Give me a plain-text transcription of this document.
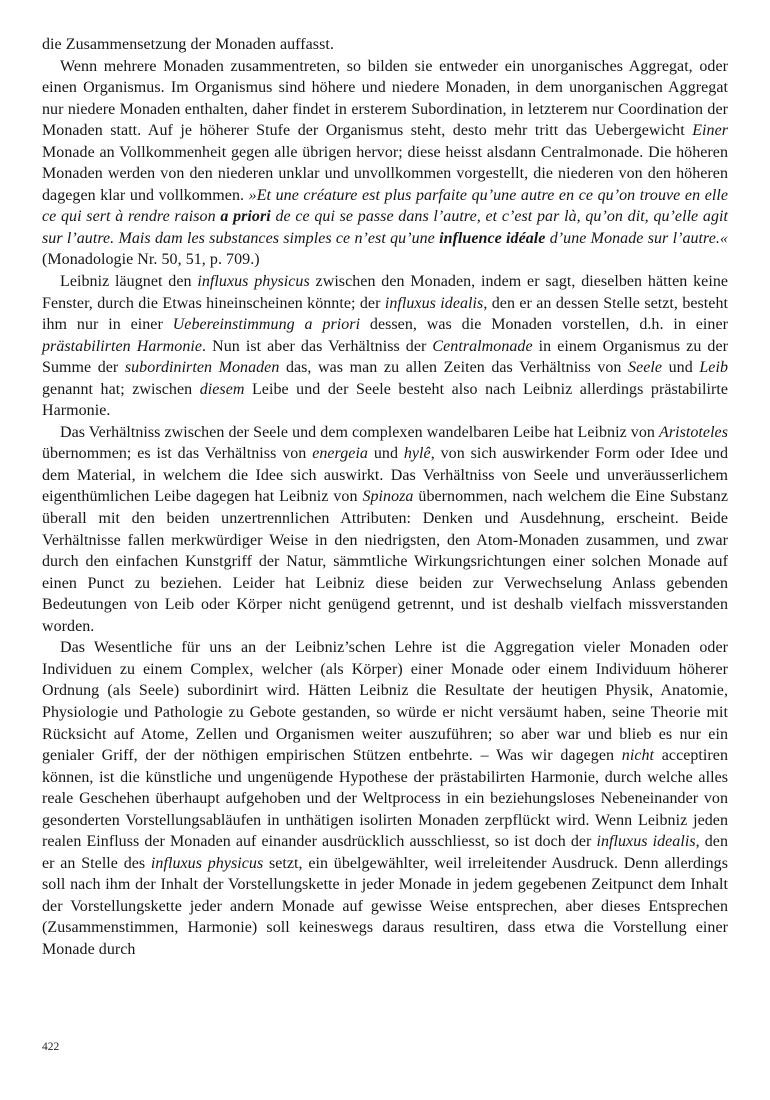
die Zusammensetzung der Monaden auffasst.

Wenn mehrere Monaden zusammentreten, so bilden sie entweder ein unorganisches Aggregat, oder einen Organismus. Im Organismus sind höhere und niedere Monaden, in dem unorganischen Aggregat nur niedere Monaden enthalten, daher findet in ersterem Subordination, in letzterem nur Coordination der Monaden statt. Auf je höherer Stufe der Organismus steht, desto mehr tritt das Uebergewicht Einer Monade an Vollkommenheit gegen alle übrigen hervor; diese heisst alsdann Centralmonade. Die höheren Monaden werden von den niederen unklar und unvollkommen vorgestellt, die niederen von den höheren dagegen klar und vollkommen. »Et une créature est plus parfaite qu’une autre en ce qu’on trouve en elle ce qui sert à rendre raison a priori de ce qui se passe dans l’autre, et c’est par là, qu’on dit, qu’elle agit sur l’autre. Mais dam les substances simples ce n’est qu’une influence idéale d’une Monade sur l’autre.« (Monadologie Nr. 50, 51, p. 709.)

Leibniz läugnet den influxus physicus zwischen den Monaden, indem er sagt, dieselben hätten keine Fenster, durch die Etwas hineinscheinen könnte; der influxus idealis, den er an dessen Stelle setzt, besteht ihm nur in einer Uebereinstimmung a priori dessen, was die Monaden vorstellen, d.h. in einer prästabilirten Harmonie. Nun ist aber das Verhältniss der Centralmonade in einem Organismus zu der Summe der subordinirten Monaden das, was man zu allen Zeiten das Verhältniss von Seele und Leib genannt hat; zwischen diesem Leibe und der Seele besteht also nach Leibniz allerdings prästabilirte Harmonie.

Das Verhältniss zwischen der Seele und dem complexen wandelbaren Leibe hat Leibniz von Aristoteles übernommen; es ist das Verhältniss von energeia und hylê, von sich auswirkender Form oder Idee und dem Material, in welchem die Idee sich auswirkt. Das Verhältniss von Seele und unveräusserlichem eigenthümlichen Leibe dagegen hat Leibniz von Spinoza übernommen, nach welchem die Eine Substanz überall mit den beiden unzertrennlichen Attributen: Denken und Ausdehnung, erscheint. Beide Verhältnisse fallen merkwürdiger Weise in den niedrigsten, den Atom-Monaden zusammen, und zwar durch den einfachen Kunstgriff der Natur, sämmtliche Wirkungsrichtungen einer solchen Monade auf einen Punct zu beziehen. Leider hat Leibniz diese beiden zur Verwechselung Anlass gebenden Bedeutungen von Leib oder Körper nicht genügend getrennt, und ist deshalb vielfach missverstanden worden.

Das Wesentliche für uns an der Leibniz’schen Lehre ist die Aggregation vieler Monaden oder Individuen zu einem Complex, welcher (als Körper) einer Monade oder einem Individuum höherer Ordnung (als Seele) subordinirt wird. Hätten Leibniz die Resultate der heutigen Physik, Anatomie, Physiologie und Pathologie zu Gebote gestanden, so würde er nicht versäumt haben, seine Theorie mit Rücksicht auf Atome, Zellen und Organismen weiter auszuführen; so aber war und blieb es nur ein genialer Griff, der der nöthigen empirischen Stützen entbehrte. – Was wir dagegen nicht acceptiren können, ist die künstliche und ungenügende Hypothese der prästabilirten Harmonie, durch welche alles reale Geschehen überhaupt aufgehoben und der Weltprocess in ein beziehungsloses Nebeneinander von gesonderten Vorstellungsabläufen in unthätigen isolirten Monaden zerpflückt wird. Wenn Leibniz jeden realen Einfluss der Monaden auf einander ausdrücklich ausschliesst, so ist doch der influxus idealis, den er an Stelle des influxus physicus setzt, ein übelgewählter, weil irreleitender Ausdruck. Denn allerdings soll nach ihm der Inhalt der Vorstellungskette in jeder Monade in jedem gegebenen Zeitpunct dem Inhalt der Vorstellungskette jeder andern Monade auf gewisse Weise entsprechen, aber dieses Entsprechen (Zusammenstimmen, Harmonie) soll keineswegs daraus resultiren, dass etwa die Vorstellung einer Monade durch

422
